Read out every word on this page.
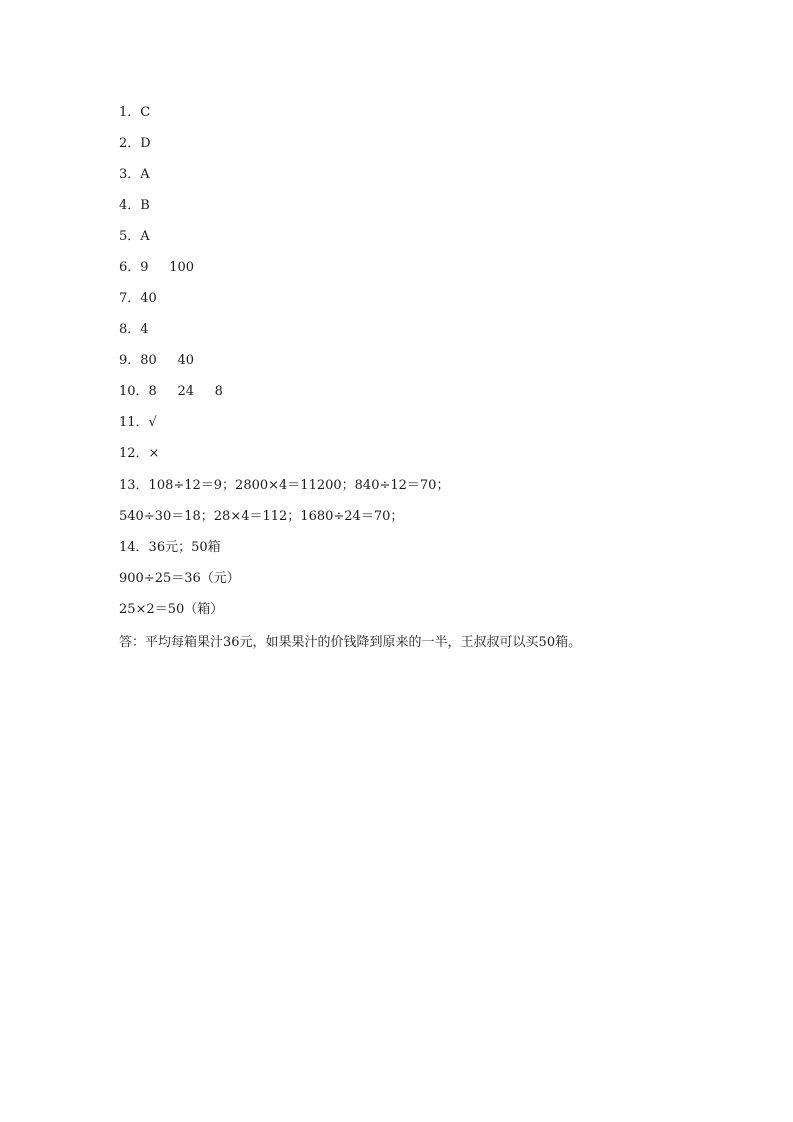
1．C
2．D
3．A
4．B
5．A
6．9     100
7．40
8．4
9．80     40
10．8     24     8
11．√
12．×
13．108÷12＝9；2800×4＝11200；840÷12＝70；
540÷30＝18；28×4＝112；1680÷24＝70；
14．36元；50箱
900÷25＝36（元）
25×2＝50（箱）
答：平均每箱果汁36元，如果果汁的价钱降到原来的一半，王叔叔可以买50箱。
